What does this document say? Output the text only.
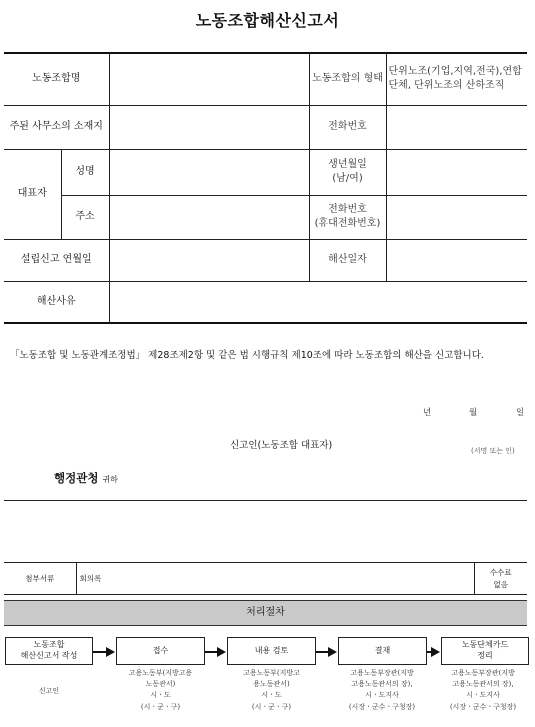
노동조합해산신고서
노동조합명			노동조합의 형태	단위노조(기업,지역,전국),연합단체, 단위노조의 산하조직
주된 사무소의 소재지			전화번호	
대표자	성명		생년월일
(남/여)	

	주소		전화번호
(휴대전화번호)	

설립신고 연월일			해산일자	
해산사유				
「노동조합 및 노동관계조정법」 제28조제2항 및 같은 법 시행규칙 제10조에 따라 노동조합의 해산을 신고합니다.
년	월	일
신고인(노동조합 대표자)	(서명 또는 인)
행정관청 귀하
첨부서류	회의록	
수수료
없음
처리절차
노동조합
해산신고서 작성
접수	내용 검토	결재
노동단체카드
정리
신고인
고용노동부(지방고용
노동관서)
시ㆍ도
(시ㆍ군ㆍ구)
고용노동부(지방고
용노동관서)
시ㆍ도
(시ㆍ군ㆍ구)
고용노동부장관(지방
고용노동관서의 장),
시ㆍ도지사
(시장ㆍ군수ㆍ구청장)
고용노동부장관(지방
고용노동관서의 장),
시ㆍ도지사
(시장ㆍ군수ㆍ구청장)
